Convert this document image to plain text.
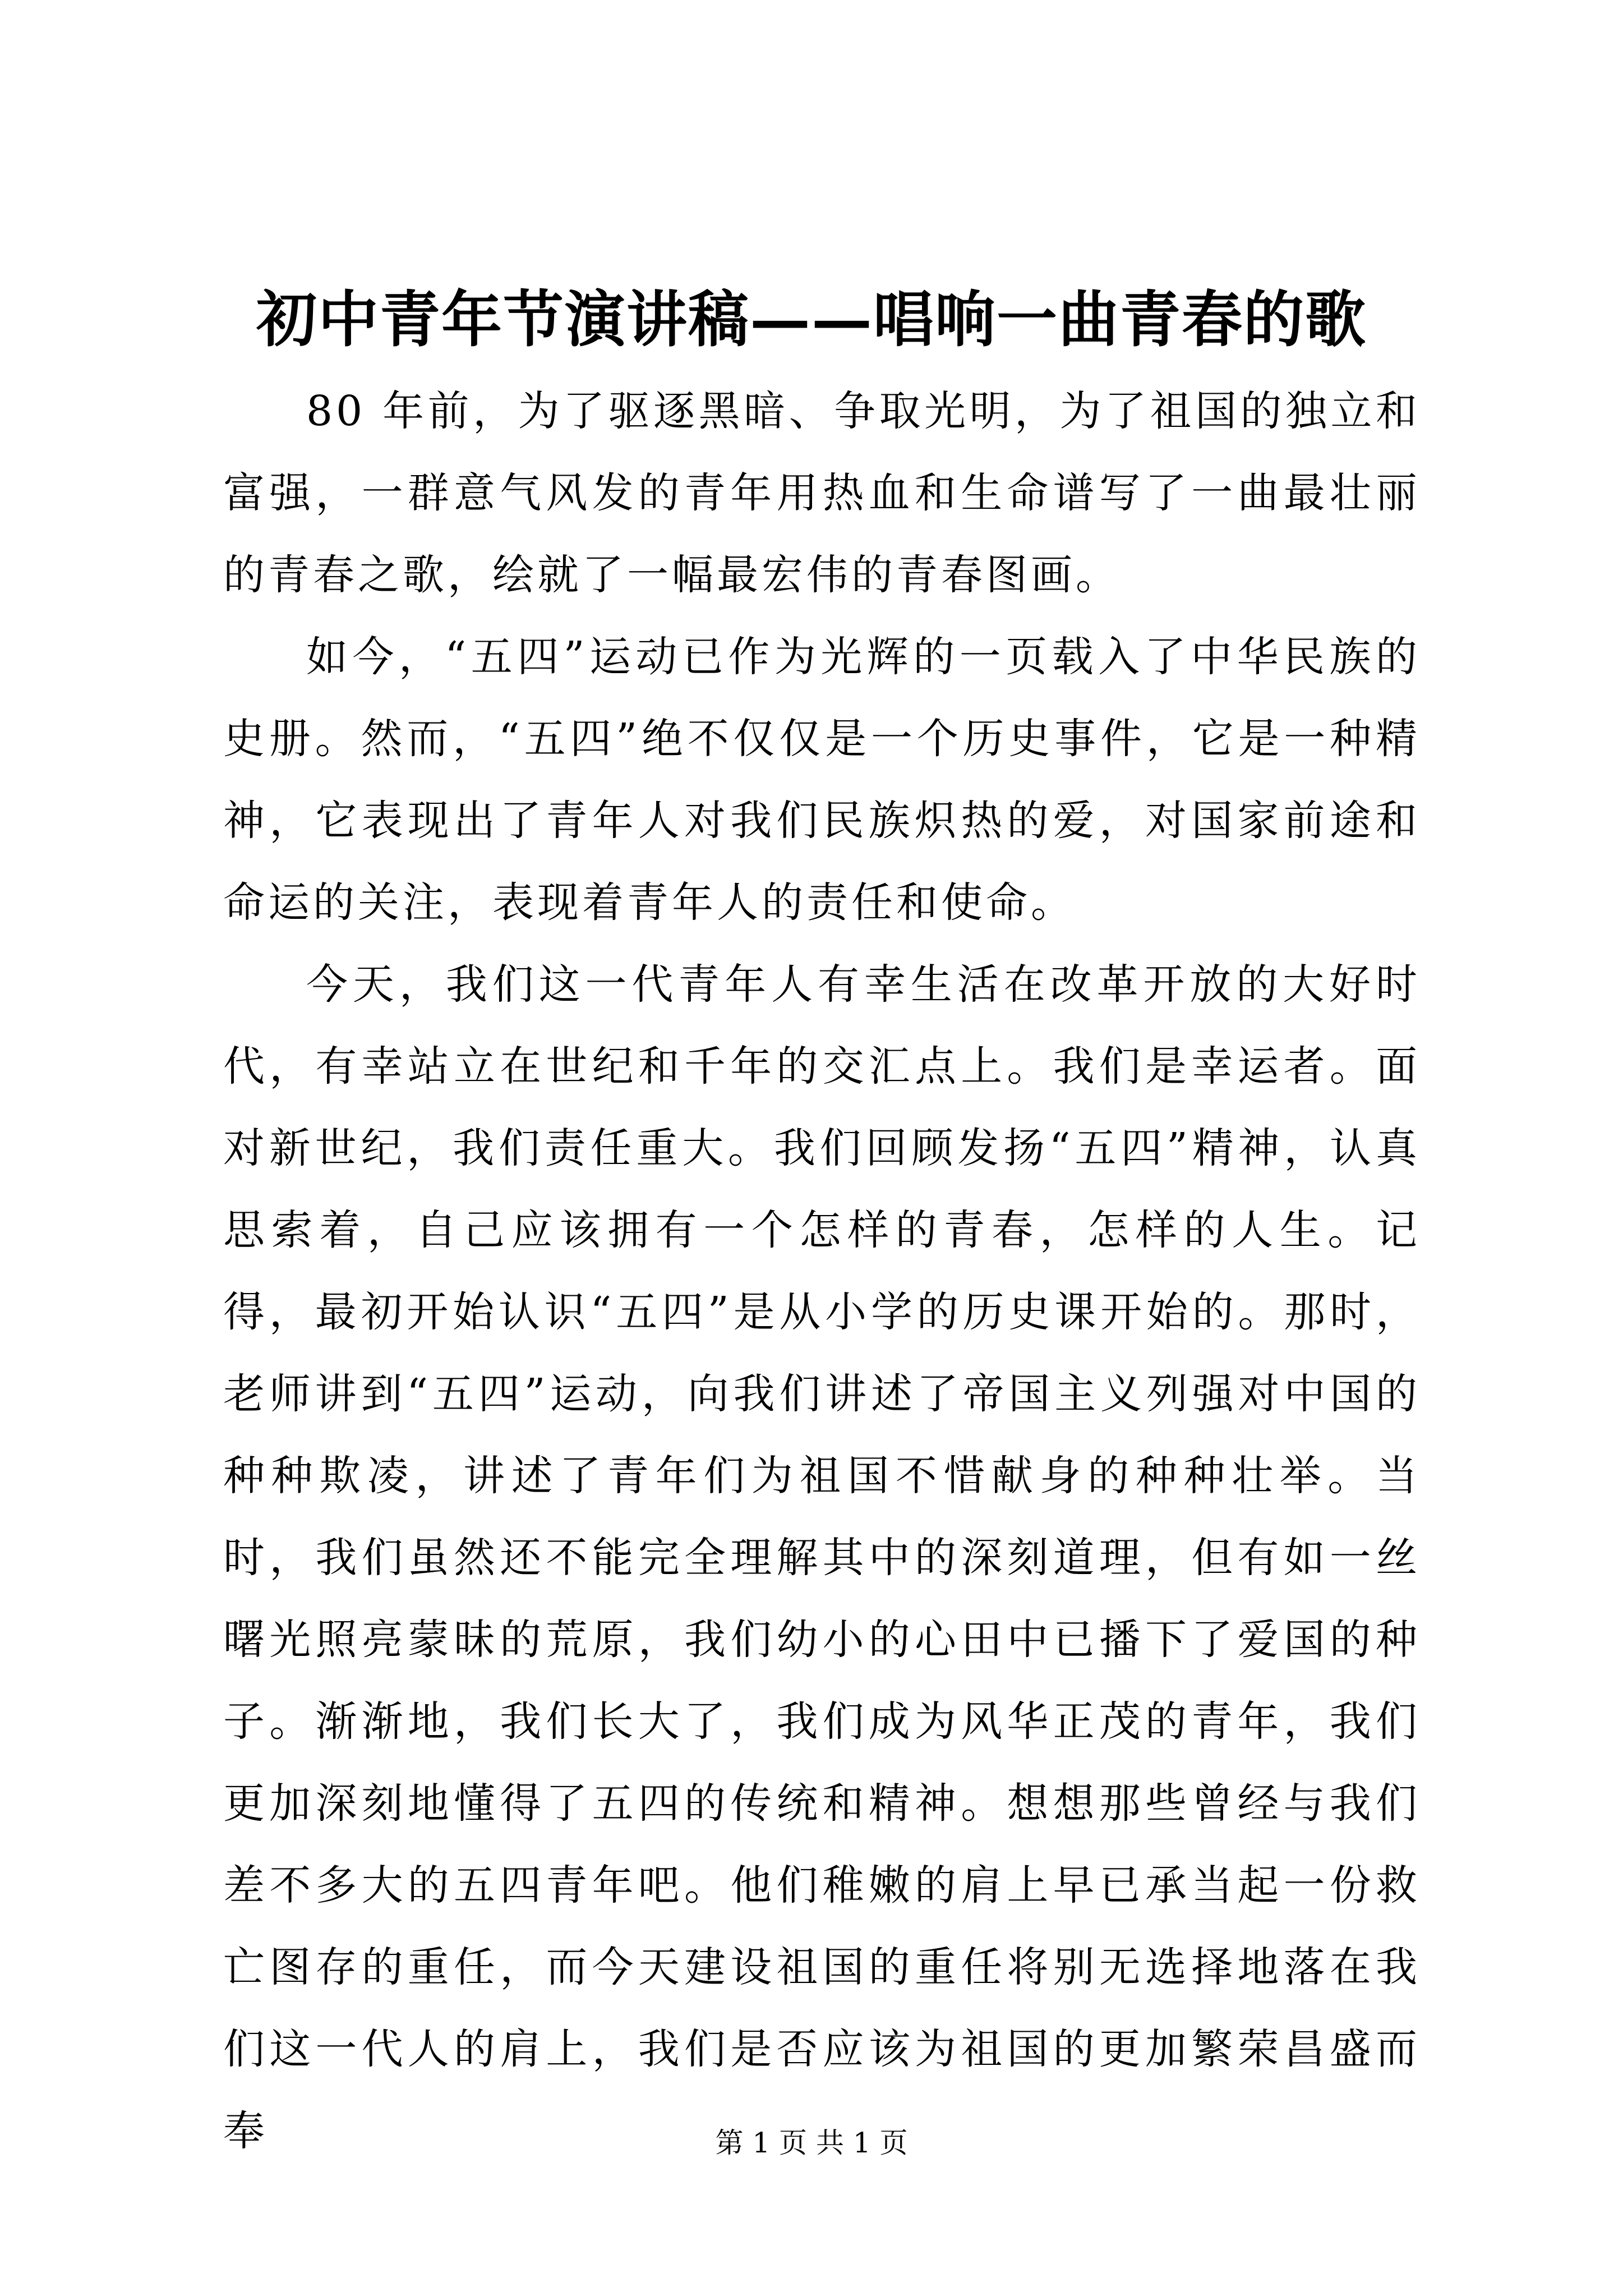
初中青年节演讲稿——唱响一曲青春的歌

80 年前，为了驱逐黑暗、争取光明，为了祖国的独立和富强，一群意气风发的青年用热血和生命谱写了一曲最壮丽的青春之歌，绘就了一幅最宏伟的青春图画。

如今，“五四”运动已作为光辉的一页载入了中华民族的史册。然而，“五四”绝不仅仅是一个历史事件，它是一种精神，它表现出了青年人对我们民族炽热的爱，对国家前途和命运的关注，表现着青年人的责任和使命。

今天，我们这一代青年人有幸生活在改革开放的大好时代，有幸站立在世纪和千年的交汇点上。我们是幸运者。面对新世纪，我们责任重大。我们回顾发扬“五四”精神，认真思索着，自己应该拥有一个怎样的青春，怎样的人生。记得，最初开始认识“五四”是从小学的历史课开始的。那时，老师讲到“五四”运动，向我们讲述了帝国主义列强对中国的种种欺凌，讲述了青年们为祖国不惜献身的种种壮举。当时，我们虽然还不能完全理解其中的深刻道理，但有如一丝曙光照亮蒙昧的荒原，我们幼小的心田中已播下了爱国的种子。渐渐地，我们长大了，我们成为风华正茂的青年，我们更加深刻地懂得了五四的传统和精神。想想那些曾经与我们差不多大的五四青年吧。他们稚嫩的肩上早已承当起一份救亡图存的重任，而今天建设祖国的重任将别无选择地落在我们这一代人的肩上，我们是否应该为祖国的更加繁荣昌盛而奉	第 1 页 共 1 页
